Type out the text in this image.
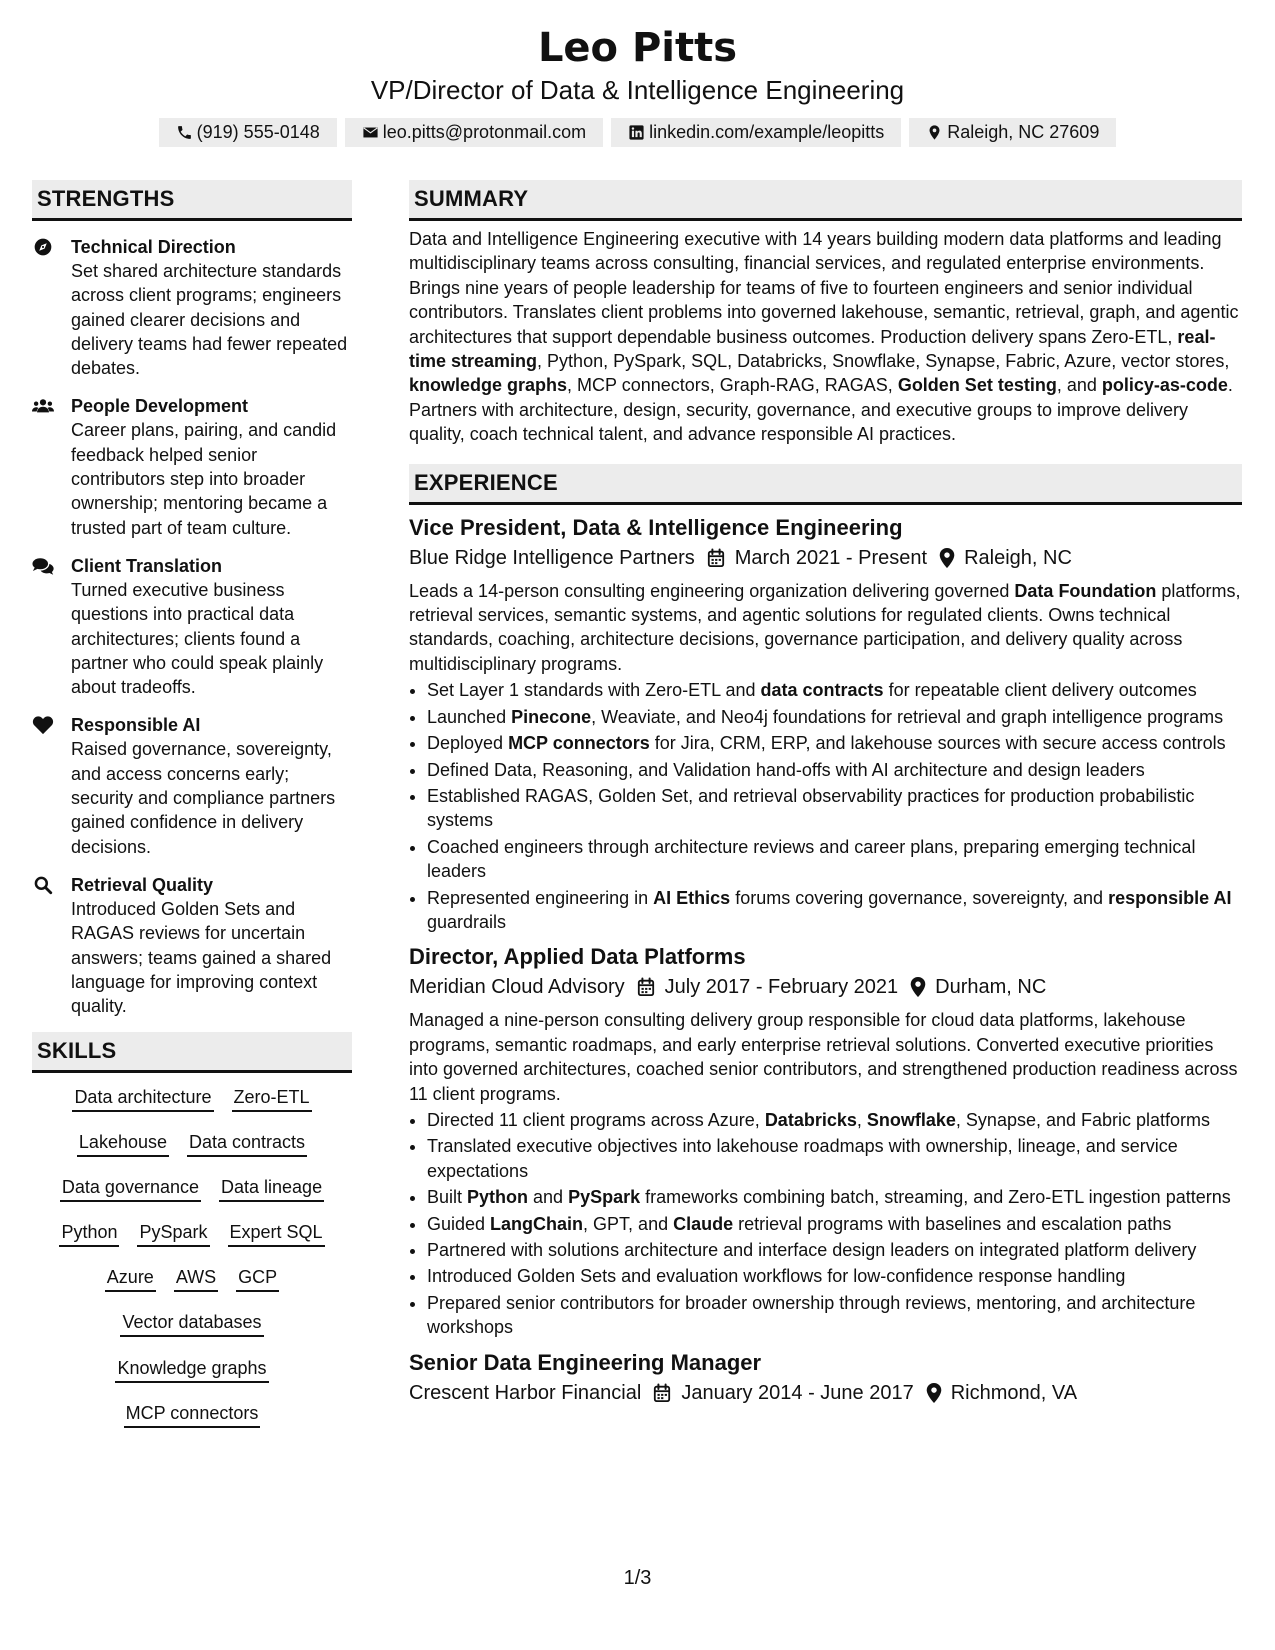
Leo Pitts
VP/Director of Data & Intelligence Engineering
(919) 555-0148	leo.pitts@protonmail.com	linkedin.com/example/leopitts	Raleigh, NC 27609
STRENGTHS
Technical Direction
Set shared architecture standards across client programs; engineers gained clearer decisions and delivery teams had fewer repeated debates.
People Development
Career plans, pairing, and candid feedback helped senior contributors step into broader ownership; mentoring became a trusted part of team culture.
Client Translation
Turned executive business questions into practical data architectures; clients found a partner who could speak plainly about tradeoffs.
Responsible AI
Raised governance, sovereignty, and access concerns early; security and compliance partners gained confidence in delivery decisions.
Retrieval Quality
Introduced Golden Sets and RAGAS reviews for uncertain answers; teams gained a shared language for improving context quality.
SKILLS
Data architecture Zero-ETL
Lakehouse Data contracts
Data governance Data lineage
Python PySpark Expert SQL
Azure AWS GCP
Vector databases
Knowledge graphs
MCP connectors
SUMMARY
Data and Intelligence Engineering executive with 14 years building modern data platforms and leading multidisciplinary teams across consulting, financial services, and regulated enterprise environments. Brings nine years of people leadership for teams of five to fourteen engineers and senior individual contributors. Translates client problems into governed lakehouse, semantic, retrieval, graph, and agentic architectures that support dependable business outcomes. Production delivery spans Zero-ETL, real-time streaming, Python, PySpark, SQL, Databricks, Snowflake, Synapse, Fabric, Azure, vector stores, knowledge graphs, MCP connectors, Graph-RAG, RAGAS, Golden Set testing, and policy-as-code. Partners with architecture, design, security, governance, and executive groups to improve delivery quality, coach technical talent, and advance responsible AI practices.
EXPERIENCE
Vice President, Data & Intelligence Engineering
Blue Ridge Intelligence Partners March 2021 - Present Raleigh, NC
Leads a 14-person consulting engineering organization delivering governed Data Foundation platforms, retrieval services, semantic systems, and agentic solutions for regulated clients. Owns technical standards, coaching, architecture decisions, governance participation, and delivery quality across multidisciplinary programs.
• Set Layer 1 standards with Zero-ETL and data contracts for repeatable client delivery outcomes
• Launched Pinecone, Weaviate, and Neo4j foundations for retrieval and graph intelligence programs
• Deployed MCP connectors for Jira, CRM, ERP, and lakehouse sources with secure access controls
• Defined Data, Reasoning, and Validation hand-offs with AI architecture and design leaders
• Established RAGAS, Golden Set, and retrieval observability practices for production probabilistic systems
• Coached engineers through architecture reviews and career plans, preparing emerging technical leaders
• Represented engineering in AI Ethics forums covering governance, sovereignty, and responsible AI guardrails
Director, Applied Data Platforms
Meridian Cloud Advisory July 2017 - February 2021 Durham, NC
Managed a nine-person consulting delivery group responsible for cloud data platforms, lakehouse programs, semantic roadmaps, and early enterprise retrieval solutions. Converted executive priorities into governed architectures, coached senior contributors, and strengthened production readiness across 11 client programs.
• Directed 11 client programs across Azure, Databricks, Snowflake, Synapse, and Fabric platforms
• Translated executive objectives into lakehouse roadmaps with ownership, lineage, and service expectations
• Built Python and PySpark frameworks combining batch, streaming, and Zero-ETL ingestion patterns
• Guided LangChain, GPT, and Claude retrieval programs with baselines and escalation paths
• Partnered with solutions architecture and interface design leaders on integrated platform delivery
• Introduced Golden Sets and evaluation workflows for low-confidence response handling
• Prepared senior contributors for broader ownership through reviews, mentoring, and architecture workshops
Senior Data Engineering Manager
Crescent Harbor Financial January 2014 - June 2017 Richmond, VA
1/3
